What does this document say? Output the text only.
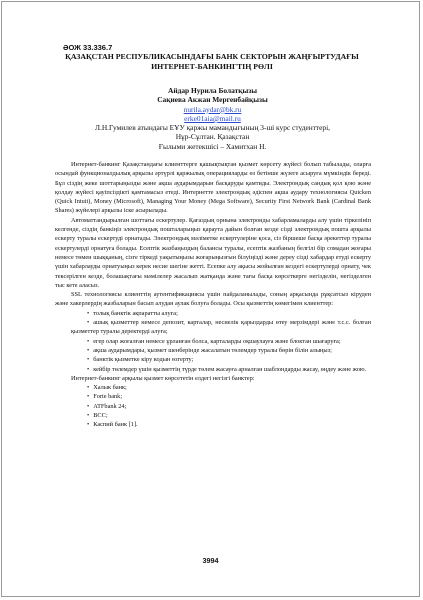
ӘОЖ 33.336.7
ҚАЗАҚСТАН РЕСПУБЛИКАСЫНДАҒЫ БАНК СЕКТОРЫН ЖАҢҒЫРТУДАҒЫ
ИНТЕРНЕТ-БАНКИНГТІҢ РӨЛІ
Айдар Нурила Болатқызы
Сақиева Акжан Мергенбайқызы
nurila.aydar@bk.ru
erke01aia@mail.ru
Л.Н.Гумилев атындағы ЕҰУ қаржы мамандығының 3-ші курс студенттері,
Нұр-Сұлтан. Қазақстан
Ғылыми жетекшісі – Хамитхан Н.

Интернет-банкинг Қазақстандағы клиенттерге қашықтықтан қызмет көрсету жүйесі болып табылады, оларға осындай функционалдылық арқылы әртүрлі қаржылық операцияларды өз бетінше жүзеге асыруға мүмкіндік береді. Бұл сіздің жеке шоттарыңызды және ақша аударымдарын басқаруды қамтиды. Электрондық сандық қол қою және қолдау жүйесі қауіпсіздікті қамтамасыз етеді. Интернетте электрондық әдіспен ақша аудару технологиясы Quicken (Quick Intuit), Money (Microsoft), Managing Your Money (Mega Software), Security First Network Bank (Cardinal Bank Shares) жүйелері арқылы іске асырылады.

Автоматтандырылған шоттағы ескертулер. Қағаздың орнына электронды хабарламаларды алу үшін тіркелініп келгенде, сіздің банкіңіз электрондық пошталарыңыз қараута дайын болған кезде сізді электрондық пошта арқылы ескерту туралы ескертуді орнатады. Электрондық мәліметке ескертулеріне қоса, сіз біршеше басқа әрекеттер туралы ескертулерді орнатуға болады. Есептік жазбаңыздың балансы туралы, есептік жазбаның белгілі бір сомадан жоғары немесе төмен шыққаның, сізге тіркеді уақытыңызы жоғарыңызғын білуіңізді және дереу сізді хабардар етуді ескерту үшін хабарлауды орнатуыңыз керек несие шегіне жетті. Есепке алу ақысы жойылған кездегі ескертулерді орнату, чек тексерілген кезде, болашақтағы мәмілелер жасалып жатқанда және тағы басқа көрсеткерге негізделін, негізделген тыс кете аласыз.

SSL технологиясы клиенттің аутентификациясы үшін пайдаланылады, соның арқасында рұқсатсыз кіруден және хакерлердің жазбаларын басып алудан аулак болуға болады. Осы қызметтің көмегімен клиенттер:

• толық банктік ақпаратты алуға;

• ашық қызметтер немесе депозит, карталар, несиелік қарыздарды өтеу мерзімдері және т.с.с. болған қызметтер туралы деректерді алуға;

• егер олар жоғалған немесе ұрланған болса, карталарды оқшаулауға және блоктан шығаруға;

• ақша аударымдары, қызмет шенберінде жасалатын төлемдер туралы бөрін білін алыңыз;

• банктік қызметке кіру кодын өзгерту;

• кейбір төлемдер үшін қызметтің түрде төлем жасауға арналған шаблондарды жасау, өңдеу және жою.

Интернет-банкинг арқылы қызмет көрсететін елдегі негізгі банктер:

• Халык банк;

• Forte bank;

• ATFbank 24;

• BCC;

• Каспий банк [1].

3994
